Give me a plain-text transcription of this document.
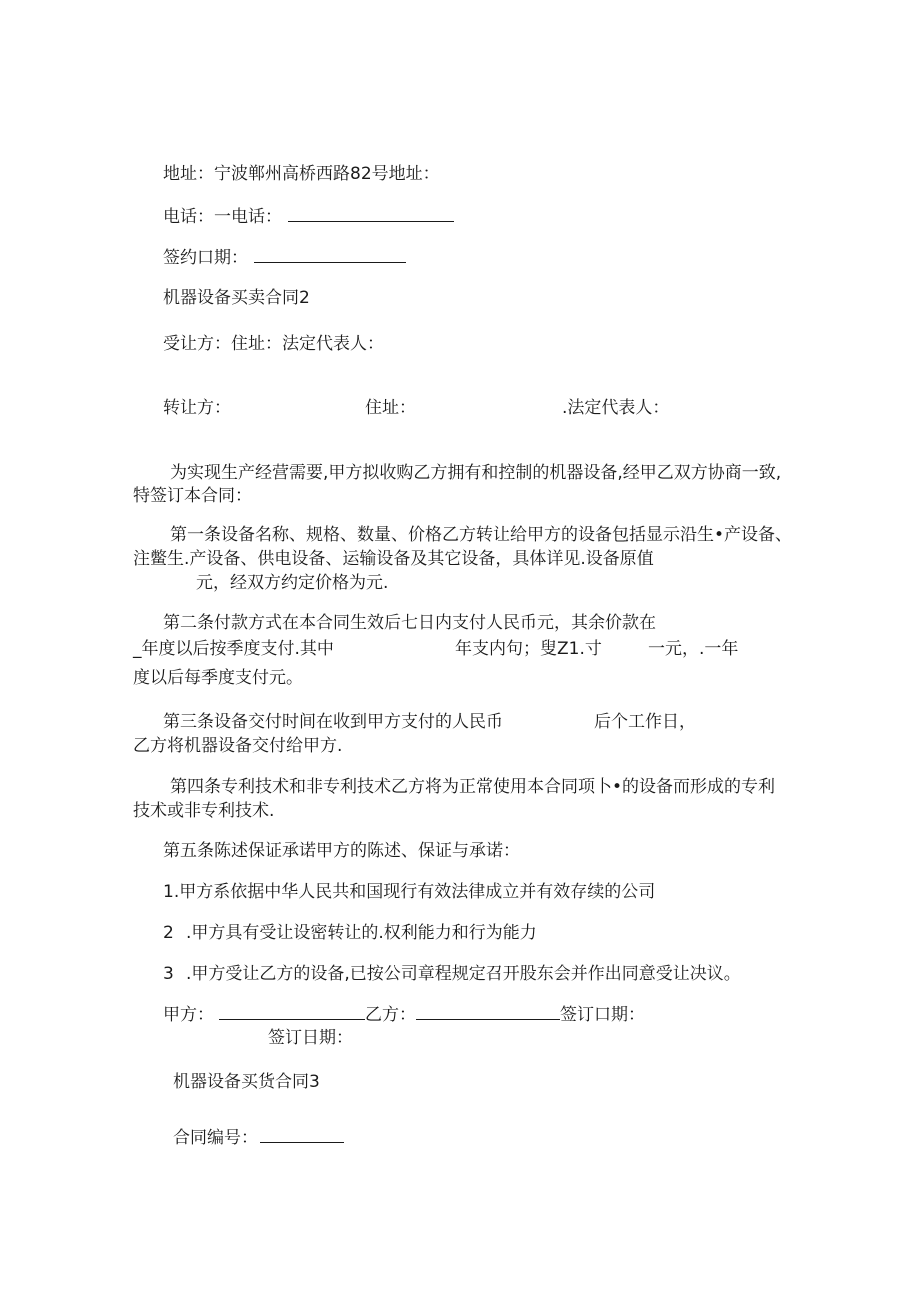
地址：宁波郸州高桥西路82号地址：
电话：一电话：
签约口期：
机器设备买卖合同2
受让方：住址：法定代表人：
转让方：	住址：	.法定代表人：
为实现生产经营需要,甲方拟收购乙方拥有和控制的机器设备,经甲乙双方协商一致,
特签订本合同：
第一条设备名称、规格、数量、价格乙方转让给甲方的设备包括显示沿生•产设备、
注鳖生.产设备、供电设备、运输设备及其它设备，具体详见.设备原值
元，经双方约定价格为元.
第二条付款方式在本合同生效后七日内支付人民币元，其余价款在
_年度以后按季度支付.其中	年支内句；叟Z1.寸	一元，.一年
度以后每季度支付元。
第三条设备交付时间在收到甲方支付的人民币	后个工作日，
乙方将机器设备交付给甲方.
第四条专利技术和非专利技术乙方将为正常使用本合同项卜•的设备而形成的专利
技术或非专利技术.
第五条陈述保证承诺甲方的陈述、保证与承诺：
1.甲方系依据中华人民共和国现行有效法律成立并有效存续的公司
2 .甲方具有受让设密转让的.权利能力和行为能力
3 .甲方受让乙方的设备,已按公司章程规定召开股东会并作出同意受让决议。
甲方：	乙方：	签订口期：
签订日期：
机器设备买货合同3
合同编号：
